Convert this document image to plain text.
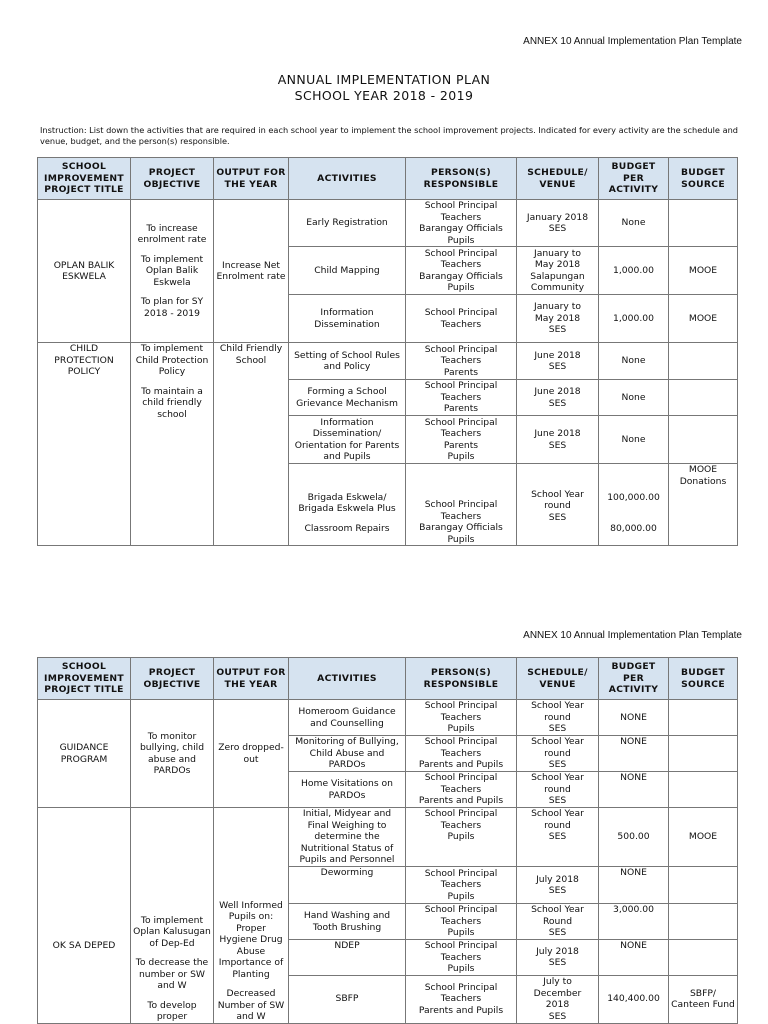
ANNEX 10 Annual Implementation Plan Template
ANNUAL IMPLEMENTATION PLAN
SCHOOL YEAR 2018 - 2019
Instruction: List down the activities that are required in each school year to implement the school improvement projects. Indicated for every activity are the schedule and venue, budget, and the person(s) responsible.
SCHOOL IMPROVEMENT PROJECT TITLE	PROJECT OBJECTIVE	OUTPUT FOR THE YEAR	ACTIVITIES	PERSON(S) RESPONSIBLE	SCHEDULE/ VENUE	BUDGET PER ACTIVITY	BUDGET SOURCE
OPLAN BALIK ESKWELA	To increase enrolment rate
To implement Oplan Balik Eskwela
To plan for SY 2018 - 2019	Increase Net Enrolment rate	Early Registration	School Principal
Teachers
Barangay Officials
Pupils	January 2018
SES	None	
			Child Mapping	School Principal
Teachers
Barangay Officials
Pupils	January to
May 2018
Salapungan
Community	1,000.00	MOOE
			Information Dissemination	School Principal
Teachers	January to
May 2018
SES	1,000.00	MOOE
CHILD PROTECTION POLICY	To implement Child Protection Policy
To maintain a child friendly school	Child Friendly School	Setting of School Rules and Policy	School Principal
Teachers
Parents	June 2018
SES	None	
			Forming a School Grievance Mechanism	School Principal
Teachers
Parents	June 2018
SES	None	
			Information Dissemination/ Orientation for Parents and Pupils	School Principal
Teachers
Parents
Pupils	June 2018
SES	None	

			Brigada Eskwela/ Brigada Eskwela Plus
Classroom Repairs	School Principal
Teachers
Barangay Officials
Pupils	School Year
round
SES	100,000.00
80,000.00	MOOE
Donations
ANNEX 10 Annual Implementation Plan Template
SCHOOL IMPROVEMENT PROJECT TITLE	PROJECT OBJECTIVE	OUTPUT FOR THE YEAR	ACTIVITIES	PERSON(S) RESPONSIBLE	SCHEDULE/ VENUE	BUDGET PER ACTIVITY	BUDGET SOURCE
GUIDANCE PROGRAM	To monitor bullying, child abuse and PARDOs	Zero dropped-out	Homeroom Guidance and Counselling	School Principal
Teachers
Pupils	School Year
round
SES	NONE	
			Monitoring of Bullying, Child Abuse and PARDOs	School Principal
Teachers
Parents and Pupils	School Year
round
SES	NONE	
			Home Visitations on PARDOs	School Principal
Teachers
Parents and Pupils	School Year
round
SES	NONE	
OK SA DEPED	To implement Oplan Kalusugan of Dep-Ed
To decrease the number or SW and W
To develop proper	Well Informed Pupils on: Proper Hygiene Drug Abuse Importance of Planting
Decreased Number of SW and W	Initial, Midyear and Final Weighing to determine the Nutritional Status of Pupils and Personnel	School Principal
Teachers
Pupils	School Year
round
SES	500.00	MOOE
			Deworming	School Principal
Teachers
Pupils	July 2018
SES	NONE	
			Hand Washing and Tooth Brushing	School Principal
Teachers
Pupils	School Year
Round
SES	3,000.00	
			NDEP	School Principal
Teachers
Pupils	July 2018
SES	NONE	
			SBFP	School Principal
Teachers
Parents and Pupils	July to
December
2018
SES	140,400.00	SBFP/ Canteen Fund
